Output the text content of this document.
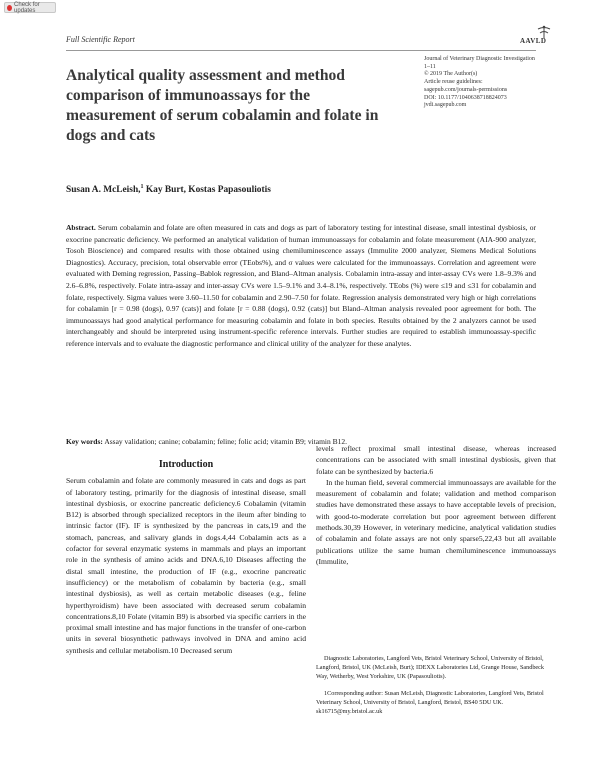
Check for updates
Full Scientific Report	AAVLD
Analytical quality assessment and method comparison of immunoassays for the measurement of serum cobalamin and folate in dogs and cats
Journal of Veterinary Diagnostic Investigation
1–11
© 2019 The Author(s)
Article reuse guidelines:
sagepub.com/journals-permissions
DOI: 10.1177/1040638718824073
jvdi.sagepub.com
Susan A. McLeish,$^1$ Kay Burt, Kostas Papasouliotis
Abstract. Serum cobalamin and folate are often measured in cats and dogs as part of laboratory testing for intestinal disease, small intestinal dysbiosis, or exocrine pancreatic deficiency. We performed an analytical validation of human immunoassays for cobalamin and folate measurement (AIA-900 analyzer, Tosoh Bioscience) and compared results with those obtained using chemiluminescence assays (Immulite 2000 analyzer, Siemens Medical Solutions Diagnostics). Accuracy, precision, total observable error (TEobs%), and σ values were calculated for the immunoassays. Correlation and agreement were evaluated with Deming regression, Passing–Bablok regression, and Bland–Altman analysis. Cobalamin intra-assay and inter-assay CVs were 1.8–9.3% and 2.6–6.8%, respectively. Folate intra-assay and inter-assay CVs were 1.5–9.1% and 3.4–8.1%, respectively. TEobs (%) were ≤19 and ≤31 for cobalamin and folate, respectively. Sigma values were 3.60–11.50 for cobalamin and 2.90–7.50 for folate. Regression analysis demonstrated very high or high correlations for cobalamin [r = 0.98 (dogs), 0.97 (cats)] and folate [r = 0.88 (dogs), 0.92 (cats)] but Bland–Altman analysis revealed poor agreement for both. The immunoassays had good analytical performance for measuring cobalamin and folate in both species. Results obtained by the 2 analyzers cannot be used interchangeably and should be interpreted using instrument-specific reference intervals. Further studies are required to establish immunoassay-specific reference intervals and to evaluate the diagnostic performance and clinical utility of the analyzer for these analytes.
Key words: Assay validation; canine; cobalamin; feline; folic acid; vitamin B9; vitamin B12.
Introduction

Serum cobalamin and folate are commonly measured in cats and dogs as part of laboratory testing, primarily for the diagnosis of intestinal disease, small intestinal dysbiosis, or exocrine pancreatic deficiency.6 Cobalamin (vitamin B12) is absorbed through specialized receptors in the ileum after binding to intrinsic factor (IF). IF is synthesized by the pancreas in cats,19 and the stomach, pancreas, and salivary glands in dogs.4,44 Cobalamin acts as a cofactor for several enzymatic systems in mammals and plays an important role in the synthesis of amino acids and DNA.6,10 Diseases affecting the distal small intestine, the production of IF (e.g., exocrine pancreatic insufficiency) or the metabolism of cobalamin by bacteria (e.g., small intestinal dysbiosis), as well as certain metabolic diseases (e.g., feline hyperthyroidism) have been associated with decreased serum cobalamin concentrations.8,10 Folate (vitamin B9) is absorbed via specific carriers in the proximal small intestine and has major functions in the transfer of one-carbon units in several biosynthetic pathways involved in DNA and amino acid synthesis and cellular metabolism.10 Decreased serum

levels reflect proximal small intestinal disease, whereas increased concentrations can be associated with small intestinal dysbiosis, given that folate can be synthesized by bacteria.6

In the human field, several commercial immunoassays are available for the measurement of cobalamin and folate; validation and method comparison studies have demonstrated these assays to have acceptable levels of precision, with good-to-moderate correlation but poor agreement between different methods.30,39 However, in veterinary medicine, analytical validation studies of cobalamin and folate assays are not only sparse5,22,43 but all available publications utilize the same human chemiluminescence immunoassays (Immulite,

Diagnostic Laboratories, Langford Vets, Bristol Veterinary School, University of Bristol, Langford, Bristol, UK (McLeish, Burt); IDEXX Laboratories Ltd, Grange House, Sandbeck Way, Wetherby, West Yorkshire, UK (Papasouliotis).

1Corresponding author: Susan McLeish, Diagnostic Laboratories, Langford Vets, Bristol Veterinary School, University of Bristol, Langford, Bristol, BS40 5DU UK. sk16715@my.bristol.ac.uk
